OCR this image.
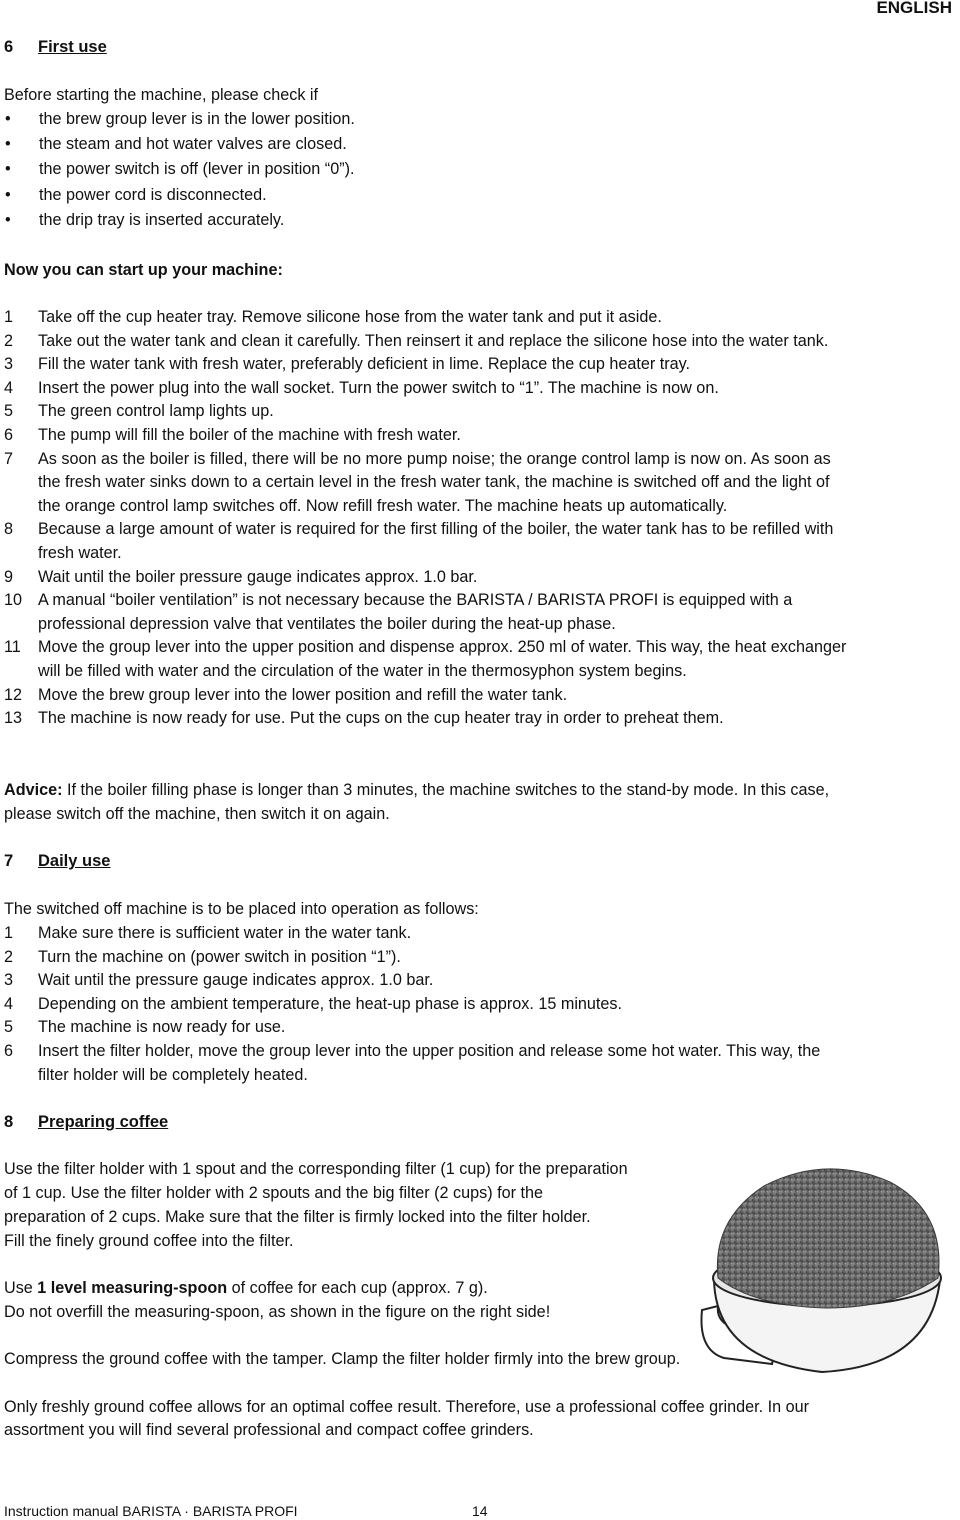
ENGLISH
6 First use
Before starting the machine, please check if
• the brew group lever is in the lower position.
• the steam and hot water valves are closed.
• the power switch is off (lever in position “0”).
• the power cord is disconnected.
• the drip tray is inserted accurately.
Now you can start up your machine:
1 Take off the cup heater tray. Remove silicone hose from the water tank and put it aside.
2 Take out the water tank and clean it carefully. Then reinsert it and replace the silicone hose into the water tank.
3 Fill the water tank with fresh water, preferably deficient in lime. Replace the cup heater tray.
4 Insert the power plug into the wall socket. Turn the power switch to “1”. The machine is now on.
5 The green control lamp lights up.
6 The pump will fill the boiler of the machine with fresh water.
7 As soon as the boiler is filled, there will be no more pump noise; the orange control lamp is now on. As soon as
the fresh water sinks down to a certain level in the fresh water tank, the machine is switched off and the light of
the orange control lamp switches off. Now refill fresh water. The machine heats up automatically.
8 Because a large amount of water is required for the first filling of the boiler, the water tank has to be refilled with
fresh water.
9 Wait until the boiler pressure gauge indicates approx. 1.0 bar.
10 A manual “boiler ventilation” is not necessary because the BARISTA / BARISTA PROFI is equipped with a
professional depression valve that ventilates the boiler during the heat-up phase.
11 Move the group lever into the upper position and dispense approx. 250 ml of water. This way, the heat exchanger
will be filled with water and the circulation of the water in the thermosyphon system begins.
12 Move the brew group lever into the lower position and refill the water tank.
13 The machine is now ready for use. Put the cups on the cup heater tray in order to preheat them.
Advice: If the boiler filling phase is longer than 3 minutes, the machine switches to the stand-by mode. In this case,
please switch off the machine, then switch it on again.
7 Daily use
The switched off machine is to be placed into operation as follows:
1 Make sure there is sufficient water in the water tank.
2 Turn the machine on (power switch in position “1”).
3 Wait until the pressure gauge indicates approx. 1.0 bar.
4 Depending on the ambient temperature, the heat-up phase is approx. 15 minutes.
5 The machine is now ready for use.
6 Insert the filter holder, move the group lever into the upper position and release some hot water. This way, the
filter holder will be completely heated.
8 Preparing coffee
Use the filter holder with 1 spout and the corresponding filter (1 cup) for the preparation
of 1 cup. Use the filter holder with 2 spouts and the big filter (2 cups) for the
preparation of 2 cups. Make sure that the filter is firmly locked into the filter holder.
Fill the finely ground coffee into the filter.
Use 1 level measuring-spoon of coffee for each cup (approx. 7 g).
Do not overfill the measuring-spoon, as shown in the figure on the right side!
Compress the ground coffee with the tamper. Clamp the filter holder firmly into the brew group.
Only freshly ground coffee allows for an optimal coffee result. Therefore, use a professional coffee grinder. In our
assortment you will find several professional and compact coffee grinders.
Instruction manual BARISTA · BARISTA PROFI	14
